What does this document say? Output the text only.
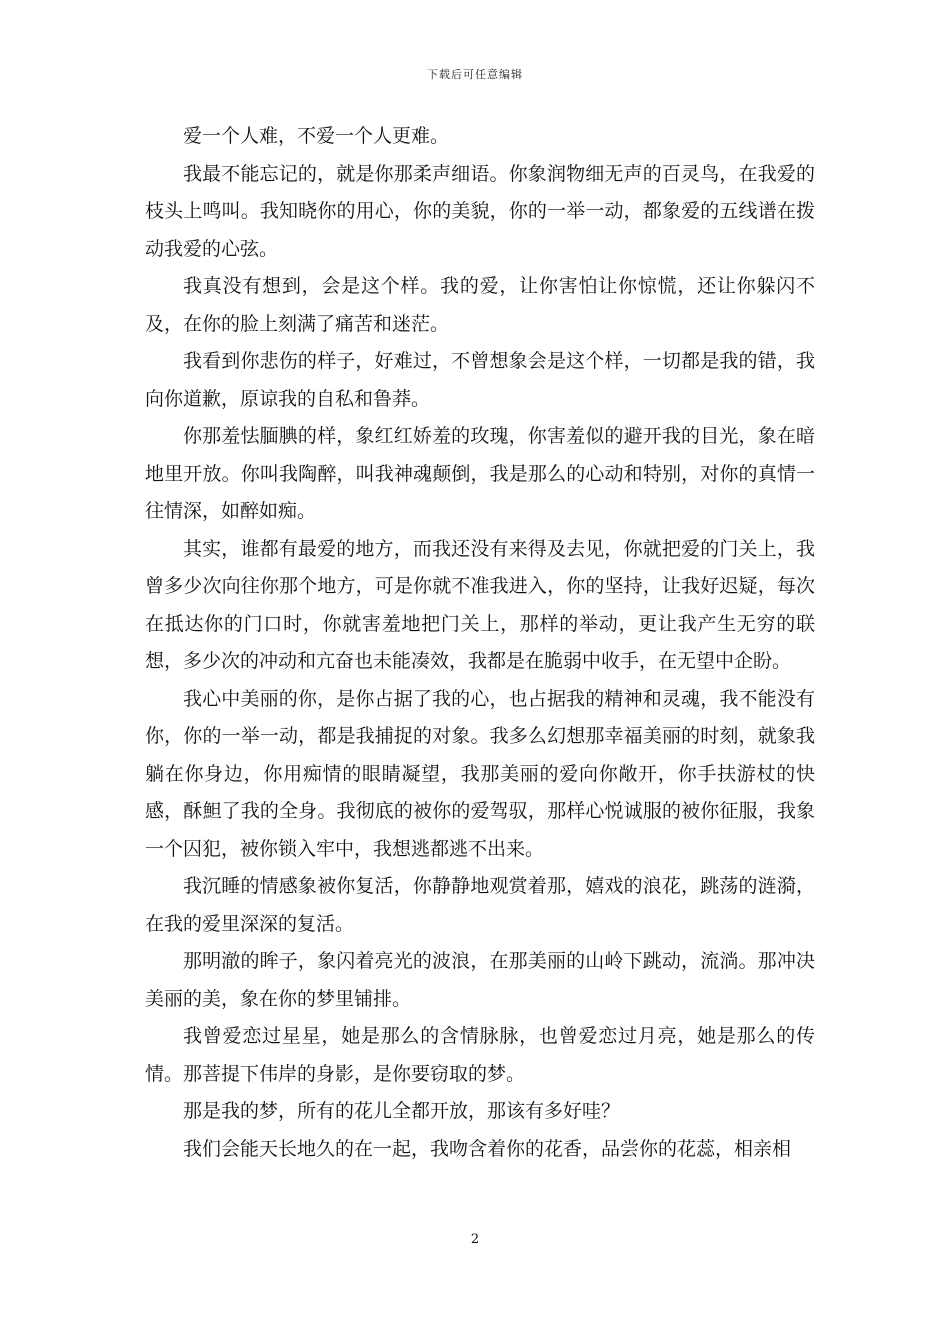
下载后可任意编辑

爱一个人难，不爱一个人更难。

我最不能忘记的，就是你那柔声细语。你象润物细无声的百灵鸟，在我爱的枝头上鸣叫。我知晓你的用心，你的美貌，你的一举一动，都象爱的五线谱在拨动我爱的心弦。

我真没有想到，会是这个样。我的爱，让你害怕让你惊慌，还让你躲闪不及，在你的脸上刻满了痛苦和迷茫。

我看到你悲伤的样子，好难过，不曾想象会是这个样，一切都是我的错，我向你道歉，原谅我的自私和鲁莽。

你那羞怯腼腆的样，象红红娇羞的玫瑰，你害羞似的避开我的目光，象在暗地里开放。你叫我陶醉，叫我神魂颠倒，我是那么的心动和特别，对你的真情一往情深，如醉如痴。

其实，谁都有最爱的地方，而我还没有来得及去见，你就把爱的门关上，我曾多少次向往你那个地方，可是你就不准我进入，你的坚持，让我好迟疑，每次在抵达你的门口时，你就害羞地把门关上，那样的举动，更让我产生无穷的联想，多少次的冲动和亢奋也未能凑效，我都是在脆弱中收手，在无望中企盼。

我心中美丽的你，是你占据了我的心，也占据我的精神和灵魂，我不能没有你，你的一举一动，都是我捕捉的对象。我多么幻想那幸福美丽的时刻，就象我躺在你身边，你用痴情的眼睛凝望，我那美丽的爱向你敞开，你手扶游杖的快感，酥䱇了我的全身。我彻底的被你的爱驾驭，那样心悦诚服的被你征服，我象一个囚犯，被你锁入牢中，我想逃都逃不出来。

我沉睡的情感象被你复活，你静静地观赏着那，嬉戏的浪花，跳荡的涟漪，在我的爱里深深的复活。

那明澈的眸子，象闪着亮光的波浪，在那美丽的山岭下跳动，流淌。那冲决美丽的美，象在你的梦里铺排。

我曾爱恋过星星，她是那么的含情脉脉，也曾爱恋过月亮，她是那么的传情。那菩提下伟岸的身影，是你要窃取的梦。

那是我的梦，所有的花儿全都开放，那该有多好哇？

我们会能天长地久的在一起，我吻含着你的花香，品尝你的花蕊，相亲相

2
